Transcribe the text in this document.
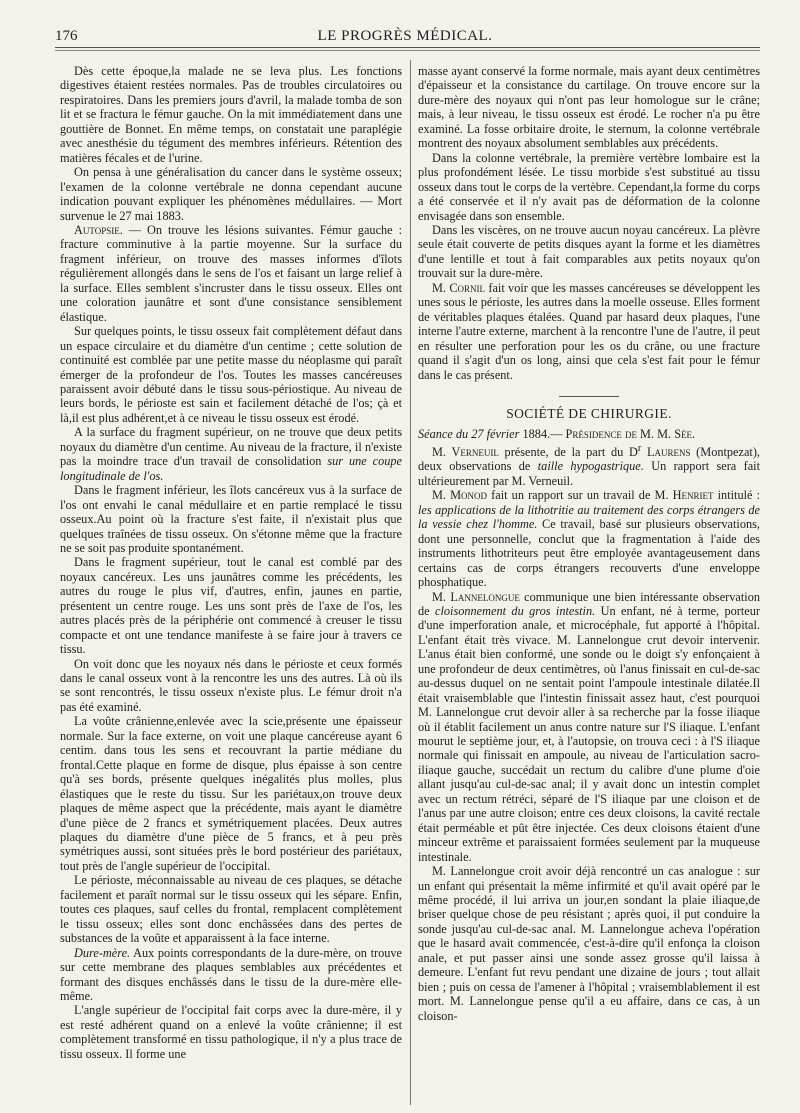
176	LE PROGRÈS MÉDICAL.

Dès cette époque,la malade ne se leva plus. Les fonctions digestives étaient restées normales. Pas de troubles circulatoires ou respiratoires. Dans les premiers jours d'avril, la malade tomba de son lit et se fractura le fémur gauche. On la mit immédiatement dans une gouttière de Bonnet. En même temps, on constatait une paraplégie avec anesthésie du tégument des membres inférieurs. Rétention des matières fécales et de l'urine.

On pensa à une généralisation du cancer dans le système osseux; l'examen de la colonne vertébrale ne donna cependant aucune indication pouvant expliquer les phénomènes médullaires. — Mort survenue le 27 mai 1883.

Autopsie. — On trouve les lésions suivantes. Fémur gauche : fracture comminutive à la partie moyenne. Sur la surface du fragment inférieur, on trouve des masses informes d'îlots régulièrement allongés dans le sens de l'os et faisant un large relief à la surface. Elles semblent s'incruster dans le tissu osseux. Elles ont une coloration jaunâtre et sont d'une consistance sensiblement élastique.

Sur quelques points, le tissu osseux fait complètement défaut dans un espace circulaire et du diamètre d'un centime ; cette solution de continuité est comblée par une petite masse du néoplasme qui paraît émerger de la profondeur de l'os. Toutes les masses cancéreuses paraissent avoir débuté dans le tissu sous-périostique. Au niveau de leurs bords, le périoste est sain et facilement détaché de l'os; çà et là,il est plus adhérent,et à ce niveau le tissu osseux est érodé.

A la surface du fragment supérieur, on ne trouve que deux petits noyaux du diamètre d'un centime. Au niveau de la fracture, il n'existe pas la moindre trace d'un travail de consolidation sur une coupe longitudinale de l'os.

Dans le fragment inférieur, les îlots cancéreux vus à la surface de l'os ont envahi le canal médullaire et en partie remplacé le tissu osseux.Au point où la fracture s'est faite, il n'existait plus que quelques traînées de tissu osseux. On s'étonne même que la fracture ne se soit pas produite spontanément.

Dans le fragment supérieur, tout le canal est comblé par des noyaux cancéreux. Les uns jaunâtres comme les précédents, les autres du rouge le plus vif, d'autres, enfin, jaunes en partie, présentent un centre rouge. Les uns sont près de l'axe de l'os, les autres placés près de la périphérie ont commencé à creuser le tissu compacte et ont une tendance manifeste à se faire jour à travers ce tissu.

On voit donc que les noyaux nés dans le périoste et ceux formés dans le canal osseux vont à la rencontre les uns des autres. Là où ils se sont rencontrés, le tissu osseux n'existe plus. Le fémur droit n'a pas été examiné.

La voûte crânienne,enlevée avec la scie,présente une épaisseur normale. Sur la face externe, on voit une plaque cancéreuse ayant 6 centim. dans tous les sens et recouvrant la partie médiane du frontal.Cette plaque en forme de disque, plus épaisse à son centre qu'à ses bords, présente quelques inégalités plus molles, plus élastiques que le reste du tissu. Sur les pariétaux,on trouve deux plaques de même aspect que la précédente, mais ayant le diamètre d'une pièce de 2 francs et symétriquement placées. Deux autres plaques du diamètre d'une pièce de 5 francs, et à peu près symétriques aussi, sont situées près le bord postérieur des pariétaux, tout près de l'angle supérieur de l'occipital.

Le périoste, méconnaissable au niveau de ces plaques, se détache facilement et paraît normal sur le tissu osseux qui les sépare. Enfin, toutes ces plaques, sauf celles du frontal, remplacent complètement le tissu osseux; elles sont donc enchâssées dans des pertes de substances de la voûte et apparaissent à la face interne.

Dure-mère. Aux points correspondants de la dure-mère, on trouve sur cette membrane des plaques semblables aux précédentes et formant des disques enchâssés dans le tissu de la dure-mère elle-même.

L'angle supérieur de l'occipital fait corps avec la dure-mère, il y est resté adhérent quand on a enlevé la voûte crânienne; il est complètement transformé en tissu pathologique, il n'y a plus trace de tissu osseux. Il forme une

masse ayant conservé la forme normale, mais ayant deux centimètres d'épaisseur et la consistance du cartilage. On trouve encore sur la dure-mère des noyaux qui n'ont pas leur homologue sur le crâne; mais, à leur niveau, le tissu osseux est érodé. Le rocher n'a pu être examiné. La fosse orbitaire droite, le sternum, la colonne vertébrale montrent des noyaux absolument semblables aux précédents.

Dans la colonne vertébrale, la première vertèbre lombaire est la plus profondément lésée. Le tissu morbide s'est substitué au tissu osseux dans tout le corps de la vertèbre. Cependant,la forme du corps a été conservée et il n'y avait pas de déformation de la colonne envisagée dans son ensemble.

Dans les viscères, on ne trouve aucun noyau cancéreux. La plèvre seule était couverte de petits disques ayant la forme et les diamètres d'une lentille et tout à fait comparables aux petits noyaux qu'on trouvait sur la dure-mère.

M. Cornil fait voir que les masses cancéreuses se développent les unes sous le périoste, les autres dans la moelle osseuse. Elles forment de véritables plaques étalées. Quand par hasard deux plaques, l'une interne l'autre externe, marchent à la rencontre l'une de l'autre, il peut en résulter une perforation pour les os du crâne, ou une fracture quand il s'agit d'un os long, ainsi que cela s'est fait pour le fémur dans le cas présent.

SOCIÉTÉ DE CHIRURGIE.

Séance du 27 février 1884.— Présidence de M. M. Sée.

M. Verneuil présente, de la part du $D^r$ Laurens (Montpezat), deux observations de taille hypogastrique. Un rapport sera fait ultérieurement par M. Verneuil.

M. Monod fait un rapport sur un travail de M. Henriet intitulé : les applications de la lithotritie au traitement des corps étrangers de la vessie chez l'homme. Ce travail, basé sur plusieurs observations, dont une personnelle, conclut que la fragmentation à l'aide des instruments lithotriteurs peut être employée avantageusement dans certains cas de corps étrangers recouverts d'une enveloppe phosphatique.

M. Lannelongue communique une bien intéressante observation de cloisonnement du gros intestin. Un enfant, né à terme, porteur d'une imperforation anale, et microcéphale, fut apporté à l'hôpital. L'enfant était très vivace. M. Lannelongue crut devoir intervenir. L'anus était bien conformé, une sonde ou le doigt s'y enfonçaient à une profondeur de deux centimètres, où l'anus finissait en cul-de-sac au-dessus duquel on ne sentait point l'ampoule intestinale dilatée.Il était vraisemblable que l'intestin finissait assez haut, c'est pourquoi M. Lannelongue crut devoir aller à sa recherche par la fosse iliaque où il établit facilement un anus contre nature sur l'S iliaque. L'enfant mourut le septième jour, et, à l'autopsie, on trouva ceci : à l'S iliaque normale qui finissait en ampoule, au niveau de l'articulation sacro-iliaque gauche, succédait un rectum du calibre d'une plume d'oie allant jusqu'au cul-de-sac anal; il y avait donc un intestin complet avec un rectum rétréci, séparé de l'S iliaque par une cloison et de l'anus par une autre cloison; entre ces deux cloisons, la cavité rectale était perméable et pût être injectée. Ces deux cloisons étaient d'une minceur extrême et paraissaient formées seulement par la muqueuse intestinale.

M. Lannelongue croit avoir déjà rencontré un cas analogue : sur un enfant qui présentait la même infirmité et qu'il avait opéré par le même procédé, il lui arriva un jour,en sondant la plaie iliaque,de briser quelque chose de peu résistant ; après quoi, il put conduire la sonde jusqu'au cul-de-sac anal. M. Lannelongue acheva l'opération que le hasard avait commencée, c'est-à-dire qu'il enfonça la cloison anale, et put passer ainsi une sonde assez grosse qu'il laissa à demeure. L'enfant fut revu pendant une dizaine de jours ; tout allait bien ; puis on cessa de l'amener à l'hôpital ; vraisemblablement il est mort. M. Lannelongue pense qu'il a eu affaire, dans ce cas, à un cloison-
